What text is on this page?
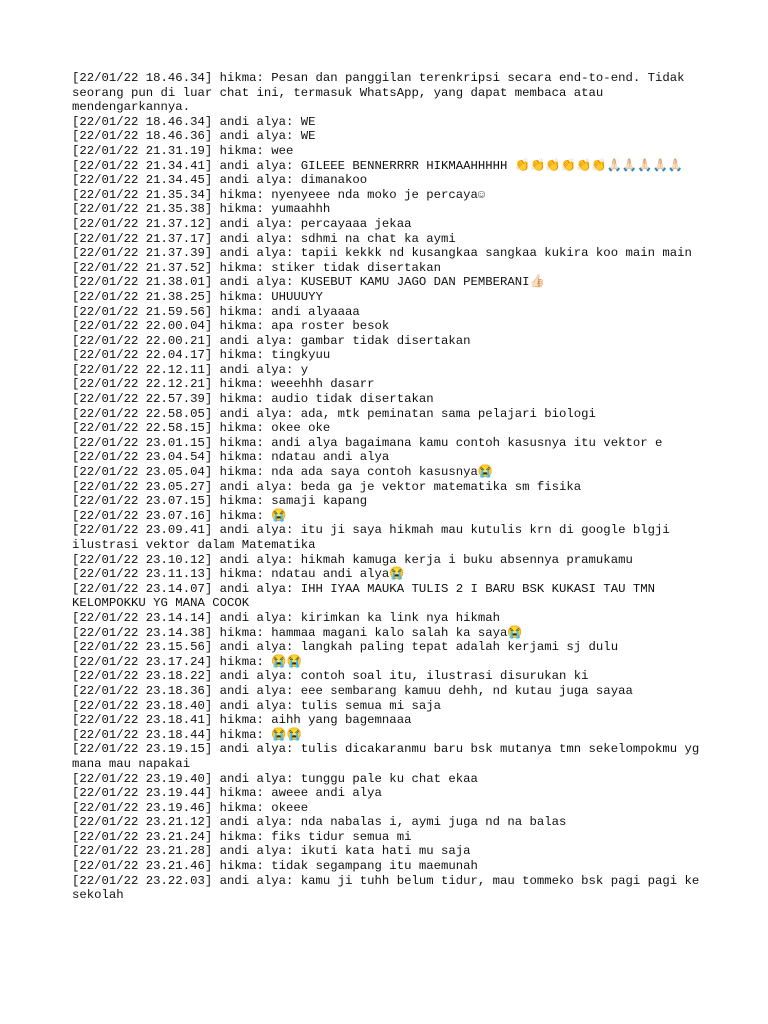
[22/01/22 18.46.34] hikma: Pesan dan panggilan terenkripsi secara end-to-end. Tidak seorang pun di luar chat ini, termasuk WhatsApp, yang dapat membaca atau mendengarkannya.
[22/01/22 18.46.34] andi alya: WE
[22/01/22 18.46.36] andi alya: WE
[22/01/22 21.31.19] hikma: wee
[22/01/22 21.34.41] andi alya: GILEEE BENNERRRR HIKMAAHHHHH 👏👏👏👏👏👏🙏🏻🙏🏻🙏🏻🙏🏻🙏🏻
[22/01/22 21.34.45] andi alya: dimanakoo
[22/01/22 21.35.34] hikma: nyenyeee nda moko je percaya☺
[22/01/22 21.35.38] hikma: yumaahhh
[22/01/22 21.37.12] andi alya: percayaaa jekaa
[22/01/22 21.37.17] andi alya: sdhmi na chat ka aymi
[22/01/22 21.37.39] andi alya: tapii kekkk nd kusangkaa sangkaa kukira koo main main
[22/01/22 21.37.52] hikma: stiker tidak disertakan
[22/01/22 21.38.01] andi alya: KUSEBUT KAMU JAGO DAN PEMBERANI👍🏻
[22/01/22 21.38.25] hikma: UHUUUYY
[22/01/22 21.59.56] hikma: andi alyaaaa
[22/01/22 22.00.04] hikma: apa roster besok
[22/01/22 22.00.21] andi alya: gambar tidak disertakan
[22/01/22 22.04.17] hikma: tingkyuu
[22/01/22 22.12.11] andi alya: y
[22/01/22 22.12.21] hikma: weeehhh dasarr
[22/01/22 22.57.39] hikma: audio tidak disertakan
[22/01/22 22.58.05] andi alya: ada, mtk peminatan sama pelajari biologi
[22/01/22 22.58.15] hikma: okee oke
[22/01/22 23.01.15] hikma: andi alya bagaimana kamu contoh kasusnya itu vektor e
[22/01/22 23.04.54] hikma: ndatau andi alya
[22/01/22 23.05.04] hikma: nda ada saya contoh kasusnya😭
[22/01/22 23.05.27] andi alya: beda ga je vektor matematika sm fisika
[22/01/22 23.07.15] hikma: samaji kapang
[22/01/22 23.07.16] hikma: 😭
[22/01/22 23.09.41] andi alya: itu ji saya hikmah mau kutulis krn di google blgji ilustrasi vektor dalam Matematika
[22/01/22 23.10.12] andi alya: hikmah kamuga kerja i buku absennya pramukamu
[22/01/22 23.11.13] hikma: ndatau andi alya😭
[22/01/22 23.14.07] andi alya: IHH IYAA MAUKA TULIS 2 I BARU BSK KUKASI TAU TMN KELOMPOKKU YG MANA COCOK
[22/01/22 23.14.14] andi alya: kirimkan ka link nya hikmah
[22/01/22 23.14.38] hikma: hammaa magani kalo salah ka saya😭
[22/01/22 23.15.56] andi alya: langkah paling tepat adalah kerjami sj dulu
[22/01/22 23.17.24] hikma: 😭😭
[22/01/22 23.18.22] andi alya: contoh soal itu, ilustrasi disurukan ki
[22/01/22 23.18.36] andi alya: eee sembarang kamuu dehh, nd kutau juga sayaa
[22/01/22 23.18.40] andi alya: tulis semua mi saja
[22/01/22 23.18.41] hikma: aihh yang bagemnaaa
[22/01/22 23.18.44] hikma: 😭😭
[22/01/22 23.19.15] andi alya: tulis dicakaranmu baru bsk mutanya tmn sekelompokmu yg mana mau napakai
[22/01/22 23.19.40] andi alya: tunggu pale ku chat ekaa
[22/01/22 23.19.44] hikma: aweee andi alya
[22/01/22 23.19.46] hikma: okeee
[22/01/22 23.21.12] andi alya: nda nabalas i, aymi juga nd na balas
[22/01/22 23.21.24] hikma: fiks tidur semua mi
[22/01/22 23.21.28] andi alya: ikuti kata hati mu saja
[22/01/22 23.21.46] hikma: tidak segampang itu maemunah
[22/01/22 23.22.03] andi alya: kamu ji tuhh belum tidur, mau tommeko bsk pagi pagi ke sekolah
